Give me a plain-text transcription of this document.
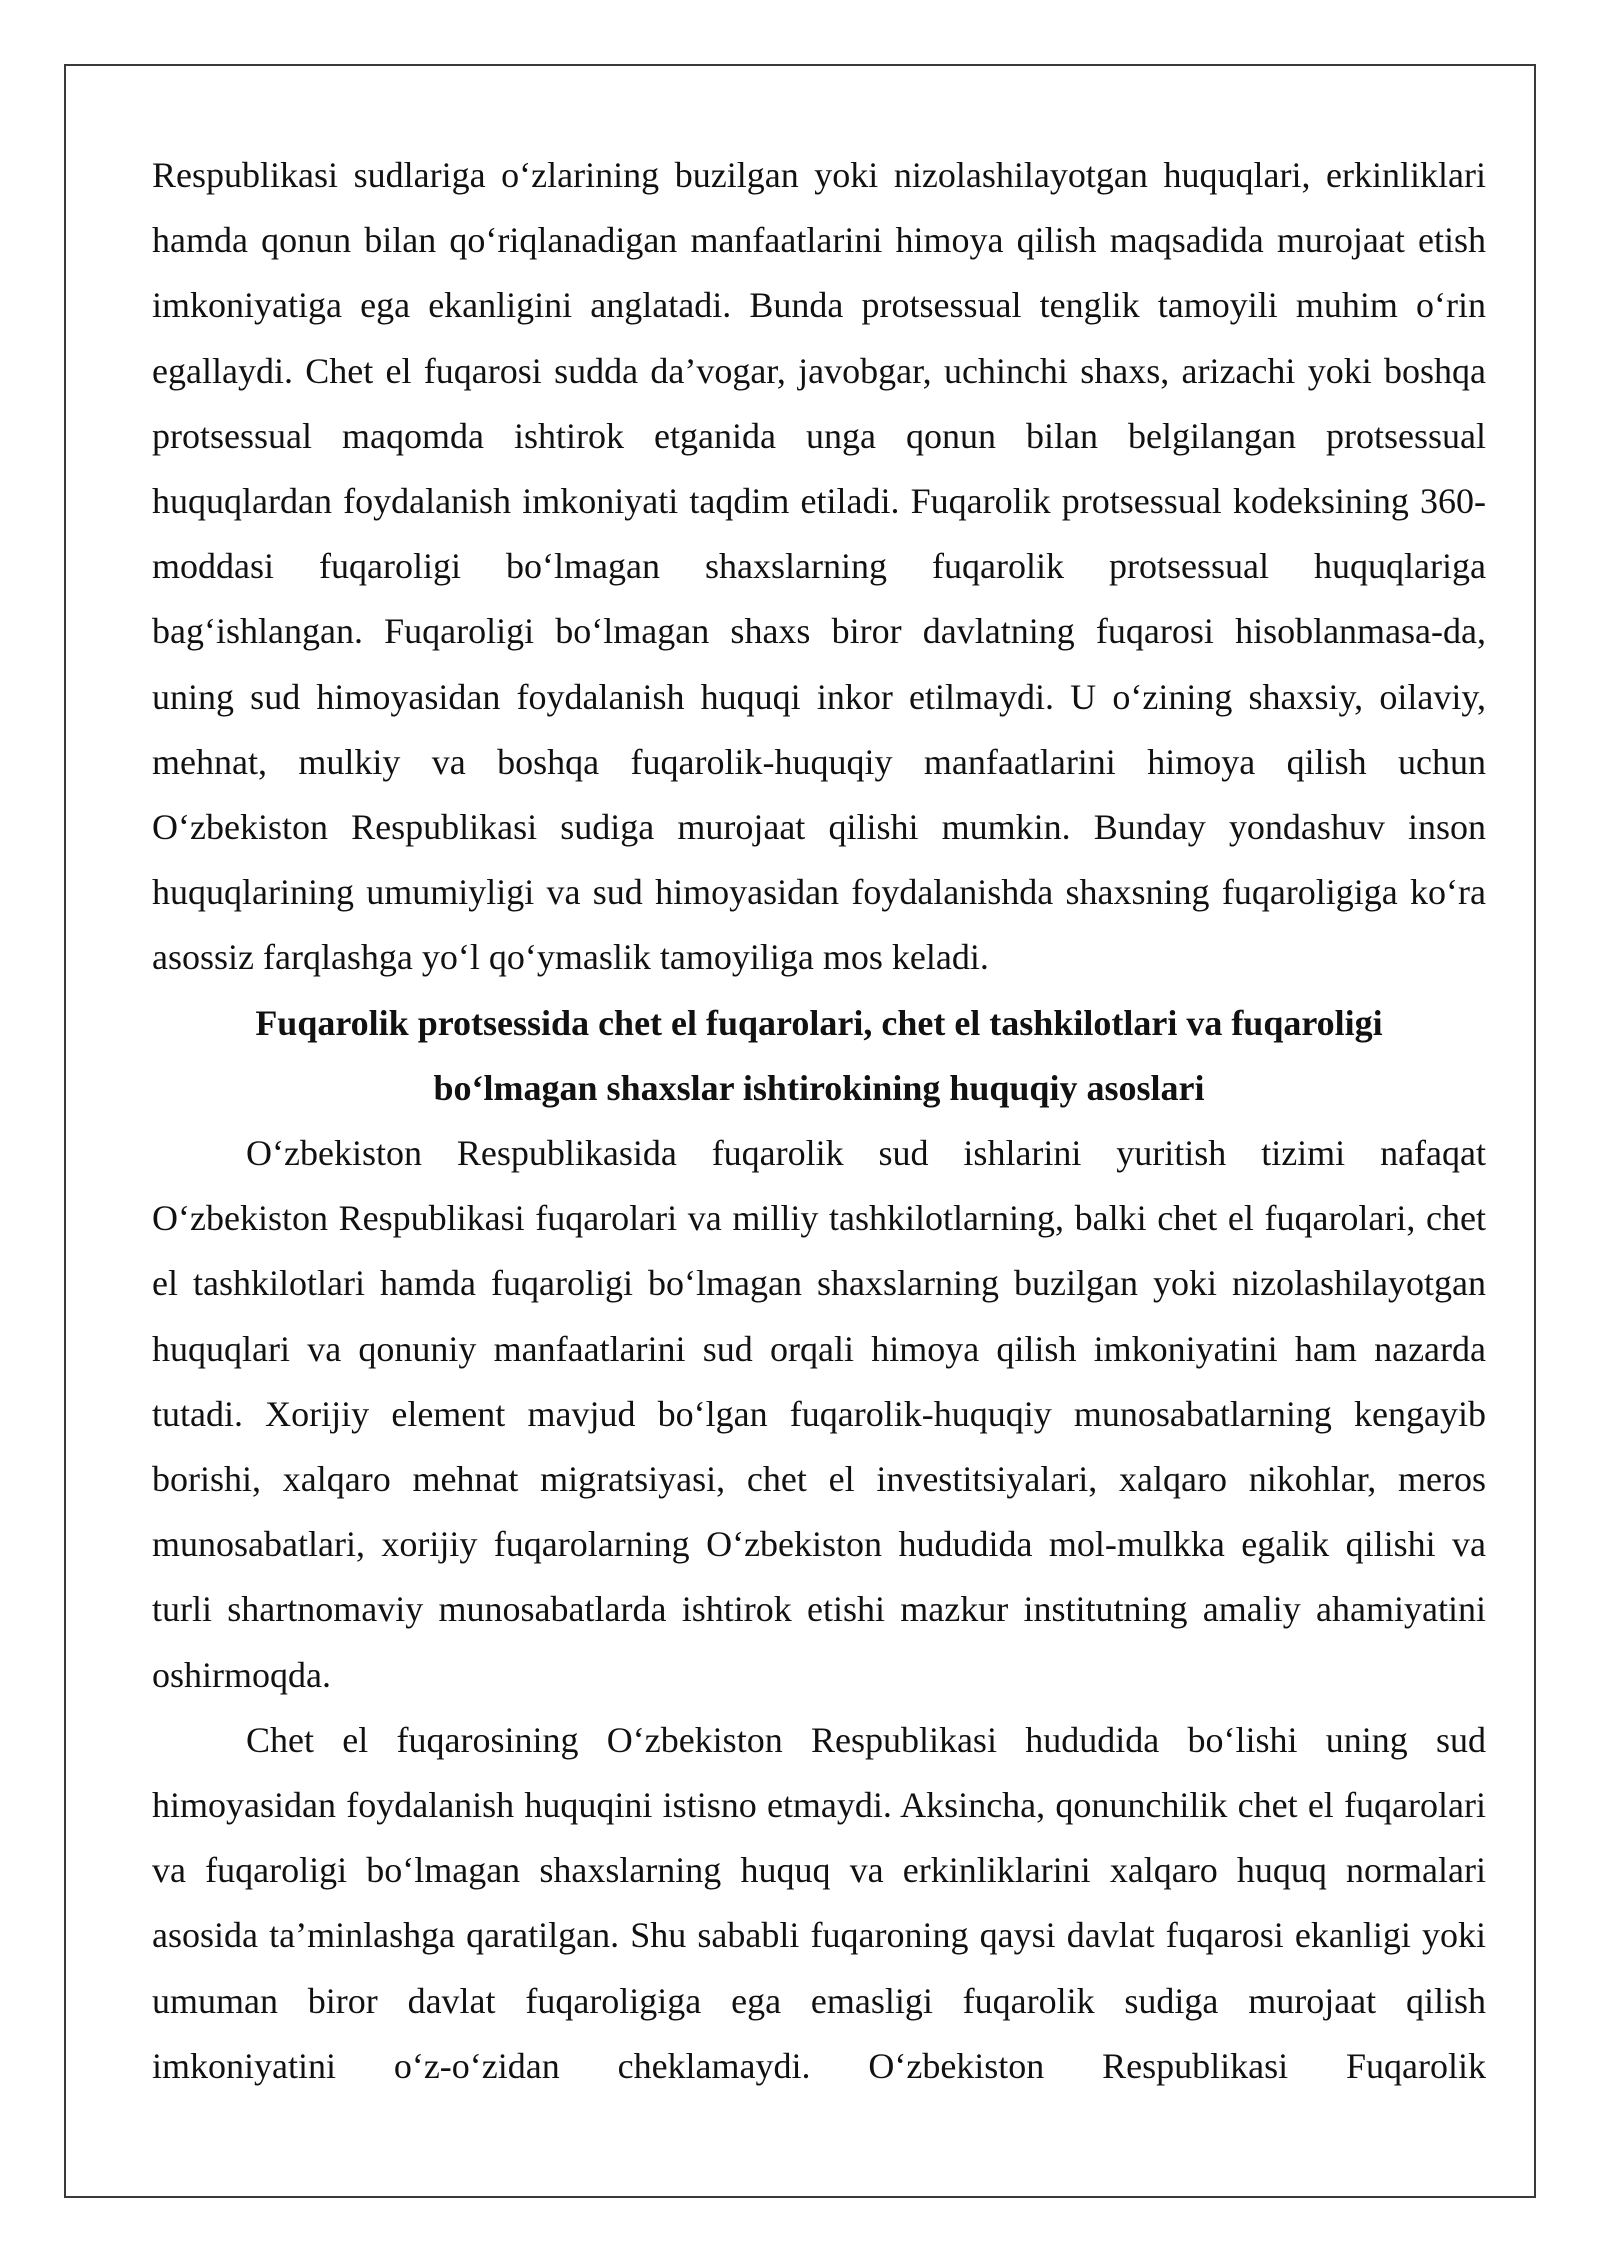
Respublikasi sudlariga o‘zlarining buzilgan yoki nizolashilayotgan huquqlari, erkinliklari hamda qonun bilan qo‘riqlanadigan manfaatlarini himoya qilish maqsadida murojaat etish imkoniyatiga ega ekanligini anglatadi. Bunda protsessual tenglik tamoyili muhim o‘rin egallaydi. Chet el fuqarosi sudda da’vogar, javobgar, uchinchi shaxs, arizachi yoki boshqa protsessual maqomda ishtirok etganida unga qonun bilan belgilangan protsessual huquqlardan foydalanish imkoniyati taqdim etiladi. Fuqarolik protsessual kodeksining 360-moddasi fuqaroligi bo‘lmagan shaxslarning fuqarolik protsessual huquqlariga bag‘ishlangan. Fuqaroligi bo‘lmagan shaxs biror davlatning fuqarosi hisoblanmasa-da, uning sud himoyasidan foydalanish huquqi inkor etilmaydi. U o‘zining shaxsiy, oilaviy, mehnat, mulkiy va boshqa fuqarolik-huquqiy manfaatlarini himoya qilish uchun O‘zbekiston Respublikasi sudiga murojaat qilishi mumkin. Bunday yondashuv inson huquqlarining umumiyligi va sud himoyasidan foydalanishda shaxsning fuqaroligiga ko‘ra asossiz farqlashga yo‘l qo‘ymaslik tamoyiliga mos keladi.

Fuqarolik protsessida chet el fuqarolari, chet el tashkilotlari va fuqaroligi

bo‘lmagan shaxslar ishtirokining huquqiy asoslari

O‘zbekiston Respublikasida fuqarolik sud ishlarini yuritish tizimi nafaqat O‘zbekiston Respublikasi fuqarolari va milliy tashkilotlarning, balki chet el fuqarolari, chet el tashkilotlari hamda fuqaroligi bo‘lmagan shaxslarning buzilgan yoki nizolashilayotgan huquqlari va qonuniy manfaatlarini sud orqali himoya qilish imkoniyatini ham nazarda tutadi. Xorijiy element mavjud bo‘lgan fuqarolik-huquqiy munosabatlarning kengayib borishi, xalqaro mehnat migratsiyasi, chet el investitsiyalari, xalqaro nikohlar, meros munosabatlari, xorijiy fuqarolarning O‘zbekiston hududida mol-mulkka egalik qilishi va turli shartnomaviy munosabatlarda ishtirok etishi mazkur institutning amaliy ahamiyatini oshirmoqda.

Chet el fuqarosining O‘zbekiston Respublikasi hududida bo‘lishi uning sud himoyasidan foydalanish huquqini istisno etmaydi. Aksincha, qonunchilik chet el fuqarolari va fuqaroligi bo‘lmagan shaxslarning huquq va erkinliklarini xalqaro huquq normalari asosida ta’minlashga qaratilgan. Shu sababli fuqaroning qaysi davlat fuqarosi ekanligi yoki umuman biror davlat fuqaroligiga ega emasligi fuqarolik sudiga murojaat qilish imkoniyatini o‘z-o‘zidan cheklamaydi. O‘zbekiston Respublikasi Fuqarolik
